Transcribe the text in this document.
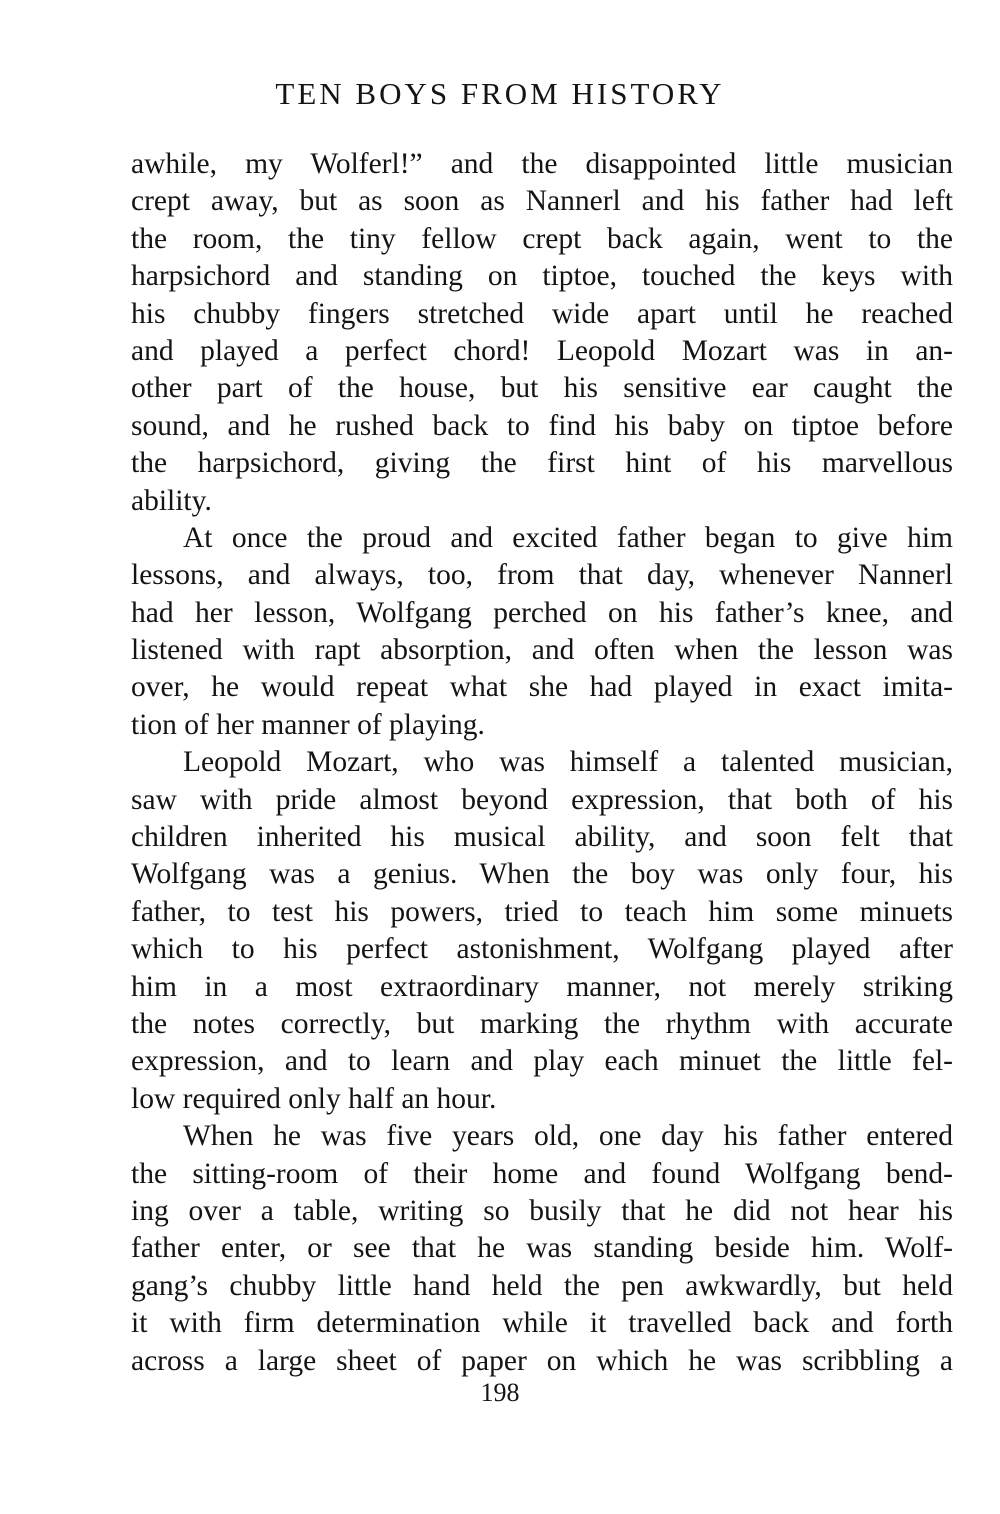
TEN BOYS FROM HISTORY

awhile, my Wolferl!” and the disappointed little musician
crept away, but as soon as Nannerl and his father had left
the room, the tiny fellow crept back again, went to the
harpsichord and standing on tiptoe, touched the keys with
his chubby fingers stretched wide apart until he reached
and played a perfect chord! Leopold Mozart was in an-
other part of the house, but his sensitive ear caught the
sound, and he rushed back to find his baby on tiptoe before
the harpsichord, giving the first hint of his marvellous
ability.

At once the proud and excited father began to give him
lessons, and always, too, from that day, whenever Nannerl
had her lesson, Wolfgang perched on his father’s knee, and
listened with rapt absorption, and often when the lesson was
over, he would repeat what she had played in exact imita-
tion of her manner of playing.

Leopold Mozart, who was himself a talented musician,
saw with pride almost beyond expression, that both of his
children inherited his musical ability, and soon felt that
Wolfgang was a genius. When the boy was only four, his
father, to test his powers, tried to teach him some minuets
which to his perfect astonishment, Wolfgang played after
him in a most extraordinary manner, not merely striking
the notes correctly, but marking the rhythm with accurate
expression, and to learn and play each minuet the little fel-
low required only half an hour.

When he was five years old, one day his father entered
the sitting-room of their home and found Wolfgang bend-
ing over a table, writing so busily that he did not hear his
father enter, or see that he was standing beside him. Wolf-
gang’s chubby little hand held the pen awkwardly, but held
it with firm determination while it travelled back and forth
across a large sheet of paper on which he was scribbling a

198
